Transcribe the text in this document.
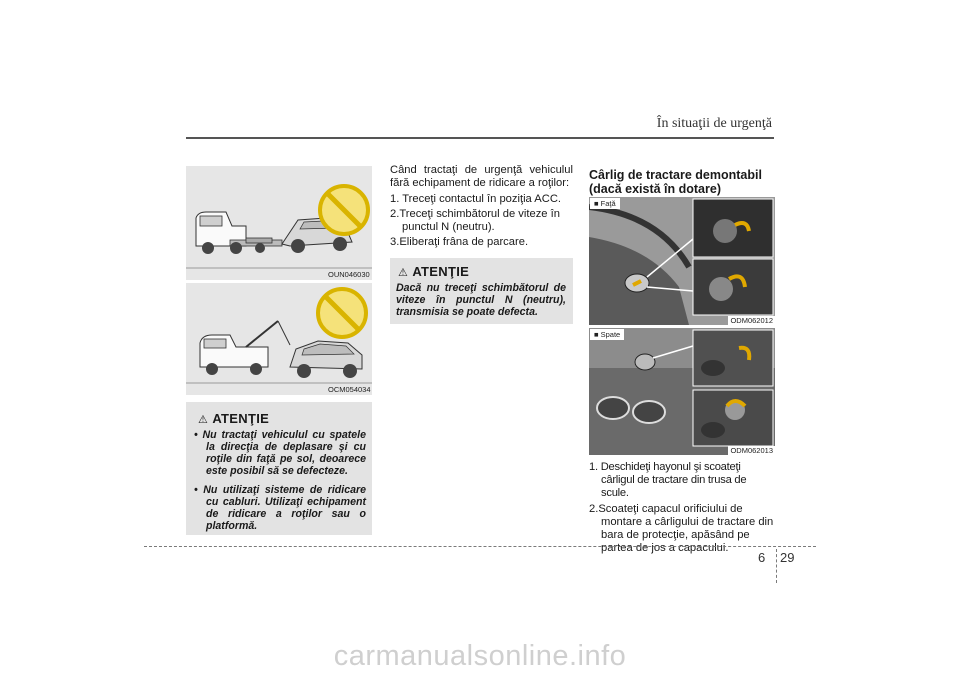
În situaţii de urgenţă
OUN046030
OCM054034
⚠ ATENŢIE
• Nu tractaţi vehiculul cu spatele la direcţia de deplasare şi cu roţile din faţă pe sol, deoarece este posibil să se defecteze.
• Nu utilizaţi sisteme de ridicare cu cabluri. Utilizaţi echipament de ridicare a roţilor sau o platformă.
Când tractaţi de urgenţă vehiculul fără echipament de ridicare a roţilor:
1. Treceţi contactul în poziţia ACC.
2.Treceţi schimbătorul de viteze în punctul N (neutru).
3.Eliberaţi frâna de parcare.
⚠ ATENŢIE
Dacă nu treceţi schimbătorul de viteze în punctul N (neutru), transmisia se poate defecta.
Cârlig de tractare demontabil (dacă există în dotare)
■ Faţă
ODM062012
■ Spate
ODM062013
1. Deschideţi hayonul şi scoateţi cârligul de tractare din trusa de scule.
2.Scoateţi capacul orificiului de montare a cârligului de tractare din bara de protecţie, apăsând pe partea de jos a capacului.
6 29
carmanualsonline.info
